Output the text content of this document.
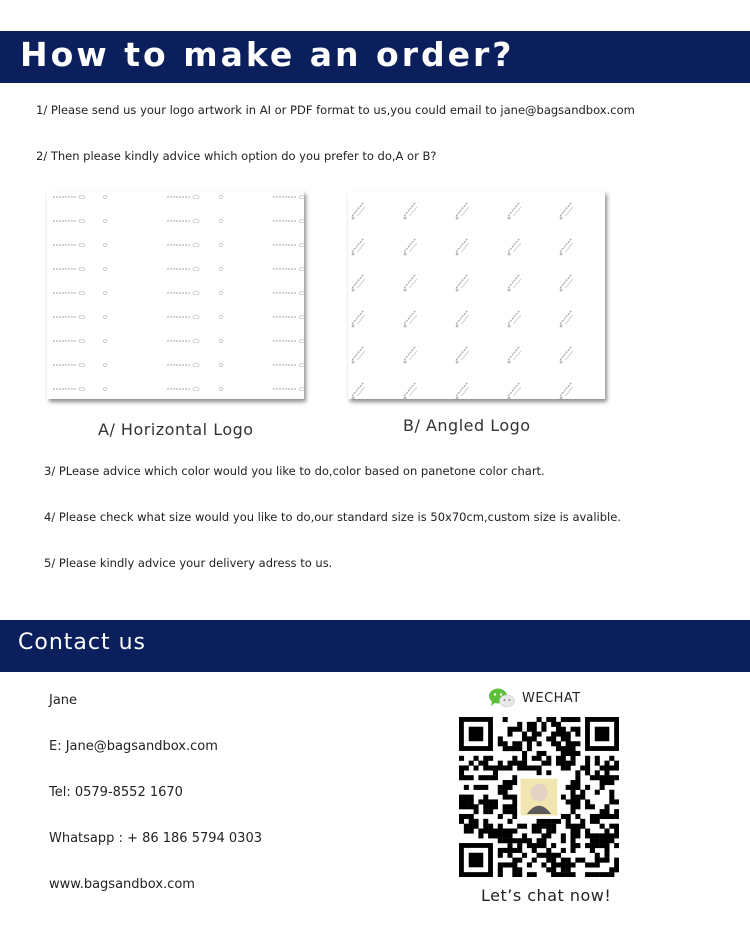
How to make an order?
1/ Please send us your logo artwork in AI or PDF format to us,you could email to jane@bagsandbox.com
2/ Then please kindly advice which option do you prefer to do,A or B?
A/ Horizontal Logo	B/ Angled Logo
3/ PLease advice which color would you like to do,color based on panetone color chart.
4/ Please check what size would you like to do,our standard size is 50x70cm,custom size is avalible.
5/ Please kindly advice your delivery adress to us.
Contact us
Jane
E: Jane@bagsandbox.com
Tel: 0579-8552 1670
Whatsapp : + 86 186 5794 0303
www.bagsandbox.com
WECHAT
Let’s chat now!
